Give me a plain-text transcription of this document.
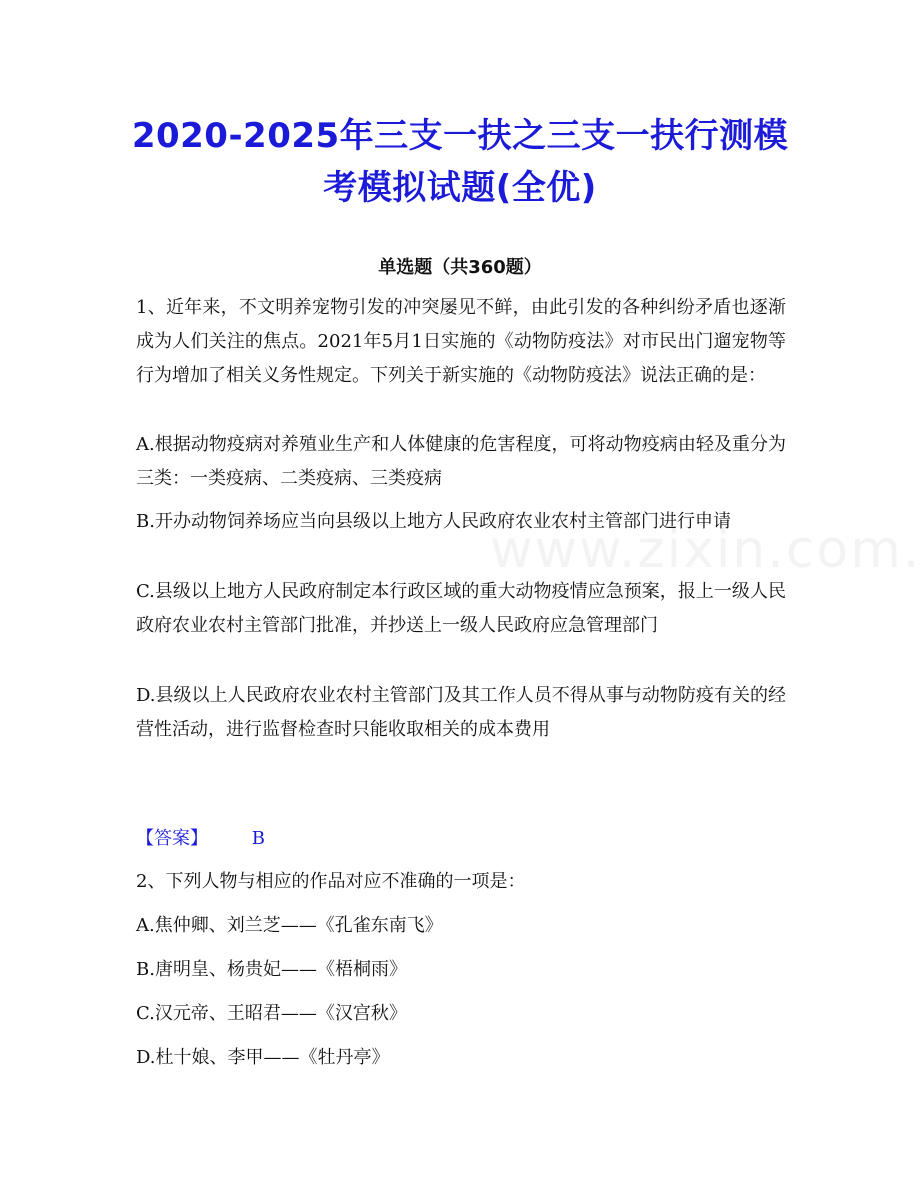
2020-2025年三支一扶之三支一扶行测模考模拟试题(全优)
单选题（共360题）
1、近年来，不文明养宠物引发的冲突屡见不鲜，由此引发的各种纠纷矛盾也逐渐成为人们关注的焦点。2021年5月1日实施的《动物防疫法》对市民出门遛宠物等行为增加了相关义务性规定。下列关于新实施的《动物防疫法》说法正确的是：
A.根据动物疫病对养殖业生产和人体健康的危害程度，可将动物疫病由轻及重分为三类：一类疫病、二类疫病、三类疫病
B.开办动物饲养场应当向县级以上地方人民政府农业农村主管部门进行申请
C.县级以上地方人民政府制定本行政区域的重大动物疫情应急预案，报上一级人民政府农业农村主管部门批准，并抄送上一级人民政府应急管理部门
D.县级以上人民政府农业农村主管部门及其工作人员不得从事与动物防疫有关的经营性活动，进行监督检查时只能收取相关的成本费用
【答案】 B
2、下列人物与相应的作品对应不准确的一项是：
A.焦仲卿、刘兰芝——《孔雀东南飞》
B.唐明皇、杨贵妃——《梧桐雨》
C.汉元帝、王昭君——《汉宫秋》
D.杜十娘、李甲——《牡丹亭》
